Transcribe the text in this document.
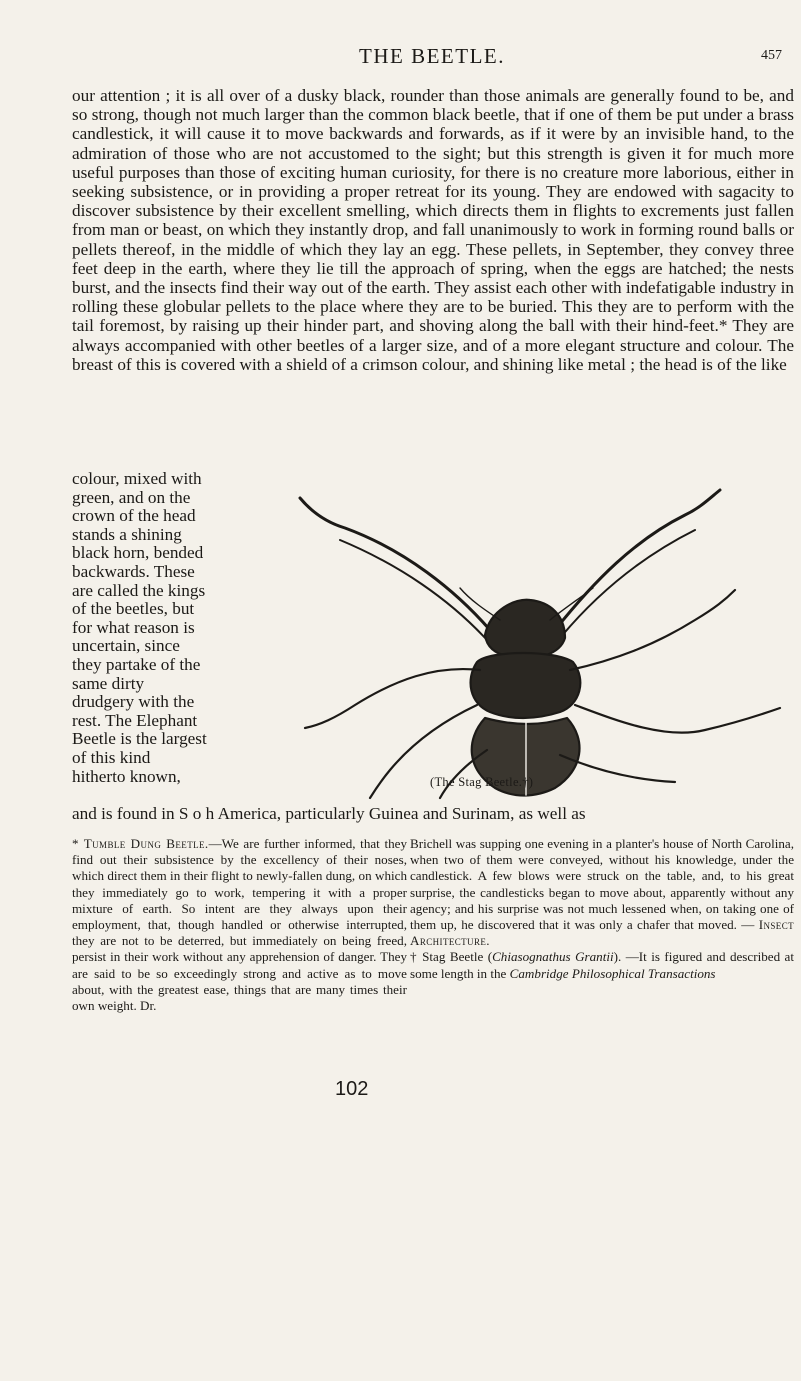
THE BEETLE.	457

our attention ; it is all over of a dusky black, rounder than those animals are generally found to be, and so strong, though not much larger than the common black beetle, that if one of them be put under a brass candlestick, it will cause it to move backwards and forwards, as if it were by an invisible hand, to the admiration of those who are not accustomed to the sight; but this strength is given it for much more useful purposes than those of exciting human curiosity, for there is no creature more laborious, either in seeking subsistence, or in providing a proper retreat for its young. They are endowed with sagacity to discover subsistence by their excellent smelling, which directs them in flights to excrements just fallen from man or beast, on which they instantly drop, and fall unanimously to work in forming round balls or pellets thereof, in the middle of which they lay an egg. These pellets, in September, they convey three feet deep in the earth, where they lie till the approach of spring, when the eggs are hatched; the nests burst, and the insects find their way out of the earth. They assist each other with indefatigable industry in rolling these globular pellets to the place where they are to be buried. This they are to perform with the tail foremost, by raising up their hinder part, and shoving along the ball with their hind-feet.* They are always accompanied with other beetles of a larger size, and of a more elegant structure and colour. The breast of this is covered with a shield of a crimson colour, and shining like metal ; the head is of the like

colour, mixed with green, and on the crown of the head stands a shining black horn, bended backwards. These are called the kings of the beetles, but for what reason is uncertain, since they partake of the same dirty drudgery with the rest. The Elephant Beetle is the largest of this kind hitherto known,	(The Stag Beetle.†)

and is found in S o h America, particularly Guinea and Surinam, as well as

* Tumble Dung Beetle.—We are further informed, that they find out their subsistence by the excellency of their noses, which direct them in their flight to newly-fallen dung, on which they immediately go to work, tempering it with a proper mixture of earth. So intent are they always upon their employment, that, though handled or otherwise interrupted, they are not to be deterred, but immediately on being freed, persist in their work without any apprehension of danger. They are said to be so exceedingly strong and active as to move about, with the greatest ease, things that are many times their own weight. Dr.

Brichell was supping one evening in a planter's house of North Carolina, when two of them were conveyed, without his knowledge, under the candlestick. A few blows were struck on the table, and, to his great surprise, the candlesticks began to move about, apparently without any agency; and his surprise was not much lessened when, on taking one of them up, he discovered that it was only a chafer that moved. — Insect Architecture.
† Stag Beetle (Chiasognathus Grantii). —It is figured and described at some length in the Cambridge Philosophical Transactions

102
